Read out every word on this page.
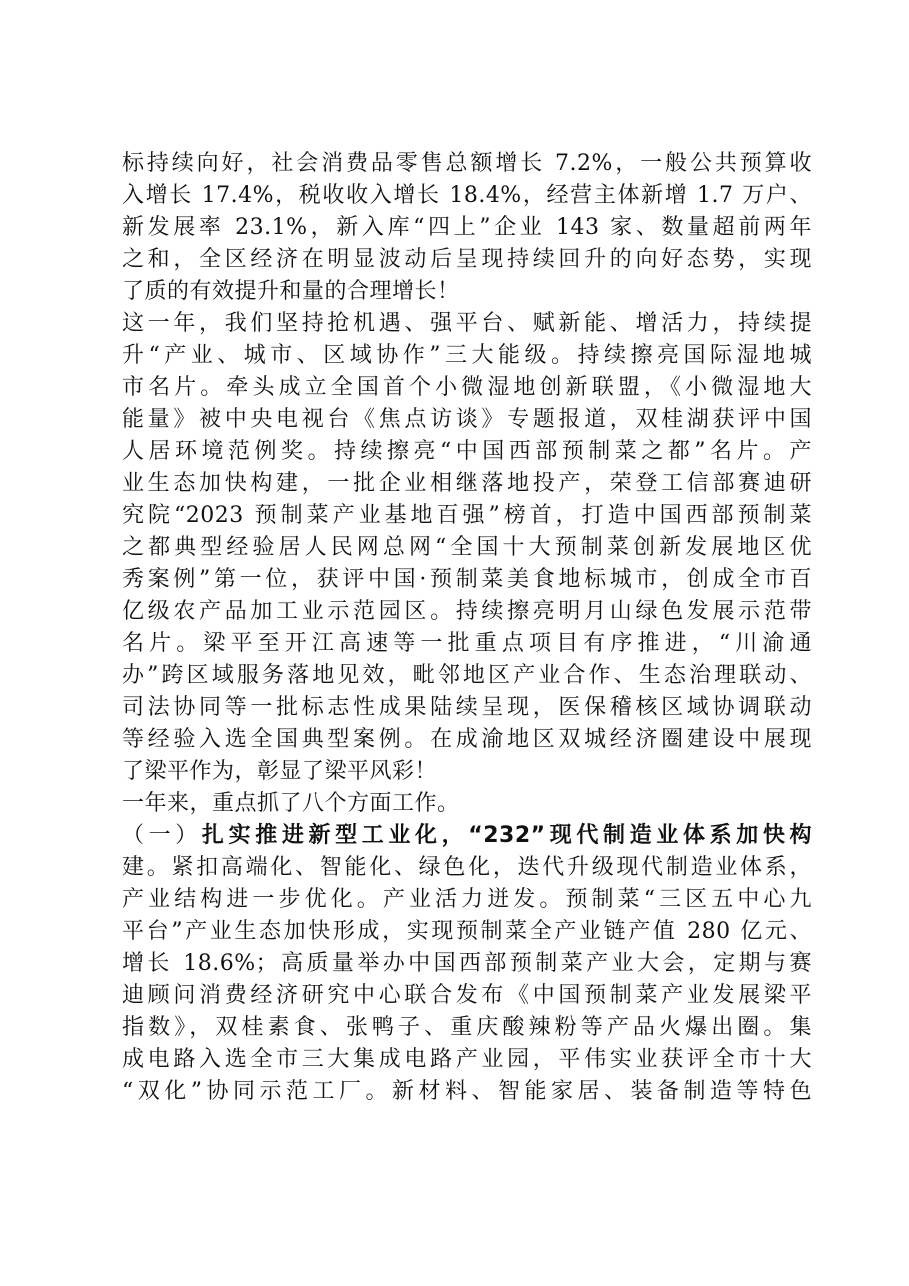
标持续向好，社会消费品零售总额增长 7.2%，一般公共预算收
入增长 17.4%，税收收入增长 18.4%，经营主体新增 1.7 万户、
新发展率 23.1%，新入库“四上”企业 143 家、数量超前两年
之和，全区经济在明显波动后呈现持续回升的向好态势，实现
了质的有效提升和量的合理增长！
这一年，我们坚持抢机遇、强平台、赋新能、增活力，持续提
升“产业、城市、区域协作”三大能级。持续擦亮国际湿地城
市名片。牵头成立全国首个小微湿地创新联盟，《小微湿地大
能量》被中央电视台《焦点访谈》专题报道，双桂湖获评中国
人居环境范例奖。持续擦亮“中国西部预制菜之都”名片。产
业生态加快构建，一批企业相继落地投产，荣登工信部赛迪研
究院“2023 预制菜产业基地百强”榜首，打造中国西部预制菜
之都典型经验居人民网总网“全国十大预制菜创新发展地区优
秀案例”第一位，获评中国·预制菜美食地标城市，创成全市百
亿级农产品加工业示范园区。持续擦亮明月山绿色发展示范带
名片。梁平至开江高速等一批重点项目有序推进，“川渝通
办”跨区域服务落地见效，毗邻地区产业合作、生态治理联动、
司法协同等一批标志性成果陆续呈现，医保稽核区域协调联动
等经验入选全国典型案例。在成渝地区双城经济圈建设中展现
了梁平作为，彰显了梁平风彩！
一年来，重点抓了八个方面工作。
（一）扎实推进新型工业化，“232”现代制造业体系加快构
建。紧扣高端化、智能化、绿色化，迭代升级现代制造业体系，
产业结构进一步优化。产业活力迸发。预制菜“三区五中心九
平台”产业生态加快形成，实现预制菜全产业链产值 280 亿元、
增长 18.6%；高质量举办中国西部预制菜产业大会，定期与赛
迪顾问消费经济研究中心联合发布《中国预制菜产业发展梁平
指数》，双桂素食、张鸭子、重庆酸辣粉等产品火爆出圈。集
成电路入选全市三大集成电路产业园，平伟实业获评全市十大
“双化”协同示范工厂。新材料、智能家居、装备制造等特色
